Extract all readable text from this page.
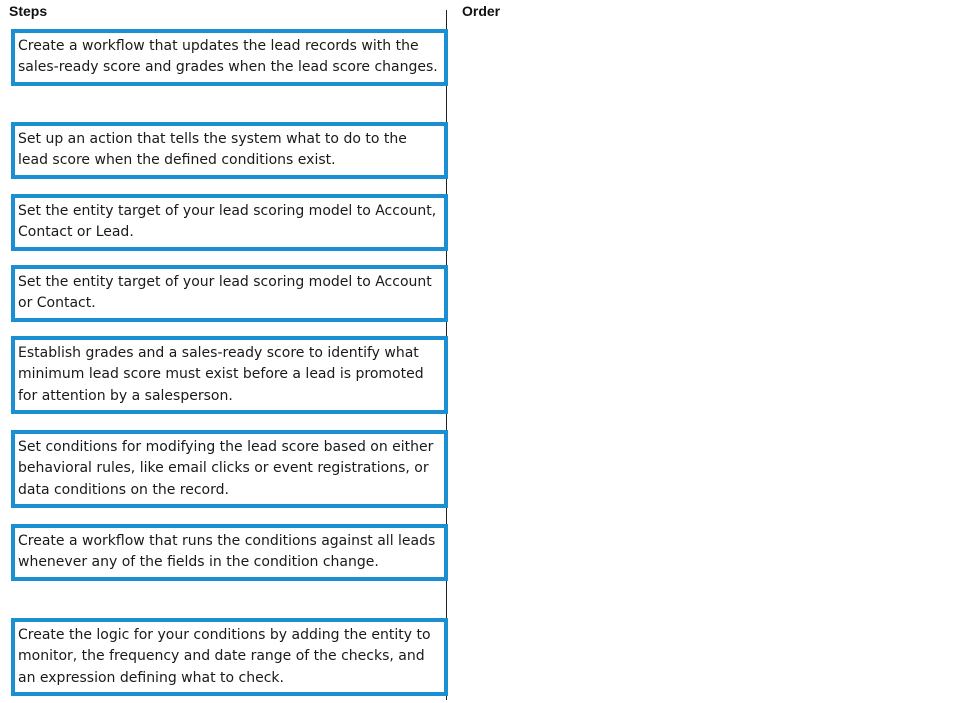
Steps	Order
Create a workflow that updates the lead records with the sales-ready score and grades when the lead score changes.
Set up an action that tells the system what to do to the lead score when the defined conditions exist.
Set the entity target of your lead scoring model to Account, Contact or Lead.
Set the entity target of your lead scoring model to Account or Contact.
Establish grades and a sales-ready score to identify what minimum lead score must exist before a lead is promoted for attention by a salesperson.
Set conditions for modifying the lead score based on either behavioral rules, like email clicks or event registrations, or data conditions on the record.
Create a workflow that runs the conditions against all leads whenever any of the fields in the condition change.
Create the logic for your conditions by adding the entity to monitor, the frequency and date range of the checks, and an expression defining what to check.
